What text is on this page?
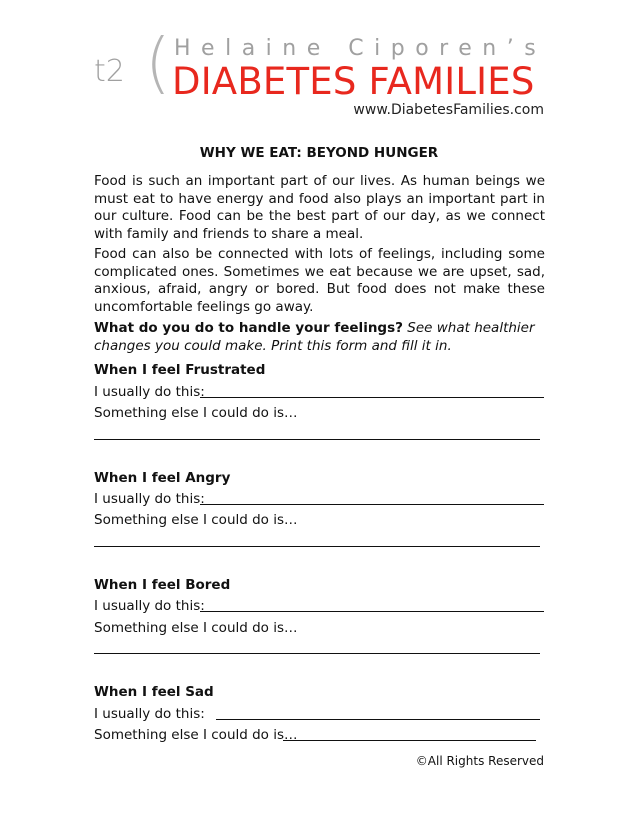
t2 ( Helaine Ciporen’s
DIABETES FAMILIES
www.DiabetesFamilies.com
WHY WE EAT: BEYOND HUNGER
Food is such an important part of our lives. As human beings we must eat to have energy and food also plays an important part in our culture. Food can be the best part of our day, as we connect with family and friends to share a meal.
Food can also be connected with lots of feelings, including some complicated ones. Sometimes we eat because we are upset, sad, anxious, afraid, angry or bored. But food does not make these uncomfortable feelings go away.
What do you do to handle your feelings? See what healthier changes you could make. Print this form and fill it in.
When I feel Frustrated
I usually do this:
Something else I could do is…
When I feel Angry
I usually do this:
Something else I could do is…
When I feel Bored
I usually do this:
Something else I could do is…
When I feel Sad
I usually do this:
Something else I could do is…
©All Rights Reserved
